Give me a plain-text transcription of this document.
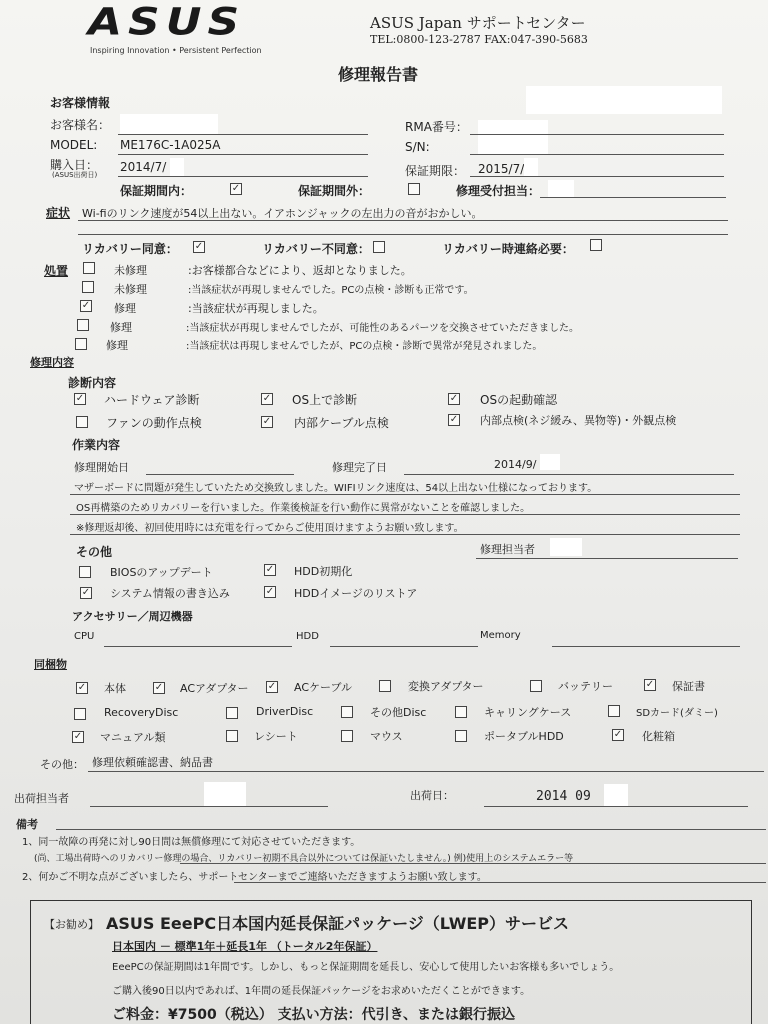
ASUS
Inspiring Innovation • Persistent Perfection
ASUS Japan サポートセンター
TEL:0800-123-2787 FAX:047-390-5683
修理報告書
お客様情報
お客様名：	RMA番号：
MODEL: ME176C-1A025A	S/N:
購入日：
(ASUS出荷日)
2014/7/	保証期限： 2015/7/
保証期間内：	✓	保証期間外：	修理受付担当：
症状 Wi-fiのリンク速度が54以上出ない。イアホンジャックの左出力の音がおかしい。
リカバリー同意： ✓	リカバリー不同意：	リカバリー時連絡必要：
処置	未修理	:お客様都合などにより、返却となりました。
未修理	:当該症状が再現しませんでした。PCの点検・診断も正常です。
✓ 修理	:当該症状が再現しました。
修理	:当該症状が再現しませんでしたが、可能性のあるパーツを交換させていただきました。
修理	:当該症状は再現しませんでしたが、PCの点検・診断で異常が発見されました。
修理内容
診断内容
✓ ハードウェア診断	✓ OS上で診断	✓ OSの起動確認
ファンの動作点検	✓ 内部ケーブル点検	✓ 内部点検(ネジ緩み、異物等)・外観点検
作業内容
修理開始日	修理完了日	2014/9/
マザーボードに問題が発生していたため交換致しました。WIFIリンク速度は、54以上出ない仕様になっております。
OS再構築のためリカバリーを行いました。作業後検証を行い動作に異常がないことを確認しました。
※修理返却後、初回使用時には充電を行ってからご使用頂けますようお願い致します。
その他	修理担当者
BIOSのアップデート	✓ HDD初期化
✓ システム情報の書き込み	✓ HDDイメージのリストア
アクセサリー／周辺機器
CPU	HDD	Memory
同梱物
✓ 本体	✓ ACアダプター ✓ ACケーブル	変換アダプター	バッテリー	✓ 保証書
RecoveryDisc	DriverDisc	その他Disc	キャリングケース	SDカード(ダミー)
✓ マニュアル類	レシート	マウス	ポータブルHDD	✓ 化粧箱
その他： 修理依頼確認書、納品書
出荷担当者	出荷日：	2014 09
備考
1、同一故障の再発に対し90日間は無償修理にて対応させていただきます。
(尚、工場出荷時へのリカバリー修理の場合、リカバリー初期不具合以外については保証いたしません。) 例)使用上のシステムエラー等
2、何かご不明な点がございましたら、サポートセンターまでご連絡いただきますようお願い致します。
【お勧め】 ASUS EeePC日本国内延長保証パッケージ（LWEP）サービス
日本国内 － 標準1年＋延長1年 （トータル2年保証）
EeePCの保証期間は1年間です。しかし、もっと保証期間を延長し、安心して使用したいお客様も多いでしょう。
ご購入後90日以内であれば、1年間の延長保証パッケージをお求めいただくことができます。
ご料金：¥7500（税込） 支払い方法：代引き、または銀行振込
